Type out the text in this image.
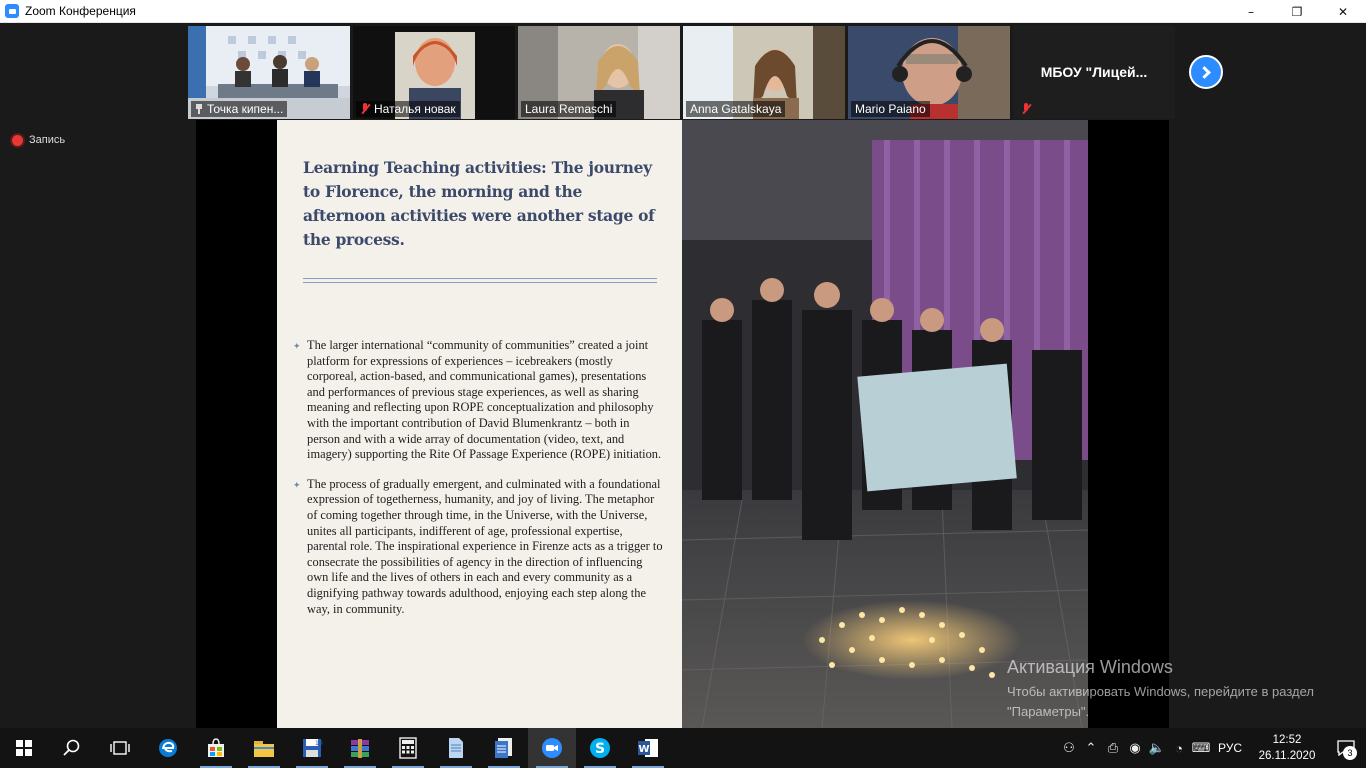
Zoom Конференция	–	❐	✕
Точка кипен...	Наталья новак	Laura Remaschi	Anna Gatalskaya	Mario Paiano
МБОУ "Лицей...
Запись
Learning Teaching activities: The journey to Florence, the morning and the afternoon activities were another stage of the process.
✦ The larger international “community of communities” created a joint platform for expressions of experiences – icebreakers (mostly corporeal, action-based, and communicational games), presentations and performances of previous stage experiences, as well as sharing meaning and reflecting upon ROPE conceptualization and philosophy with the important contribution of David Blumenkrantz – both in person and with a wide array of documentation (video, text, and imagery) supporting the Rite Of Passage Experience (ROPE) initiation.
✦ The process of gradually emergent, and culminated with a foundational expression of togetherness, humanity, and joy of living. The metaphor of coming together through time, in the Universe, with the Universe, unites all participants, indifferent of age, professional expertise, parental role. The inspirational experience in Firenze acts as a trigger to consecrate the possibilities of agency in the direction of influencing own life and the lives of others in each and every community as a dignifying pathway towards adulthood, enjoying each step along the way, in community.
Активация Windows
Чтобы активировать Windows, перейдите в раздел "Параметры".
10	S	W	⚇ ⌃ ⎙ ◉ 🔈 ◔ ⌨ РУС
12:52
26.11.2020	3
